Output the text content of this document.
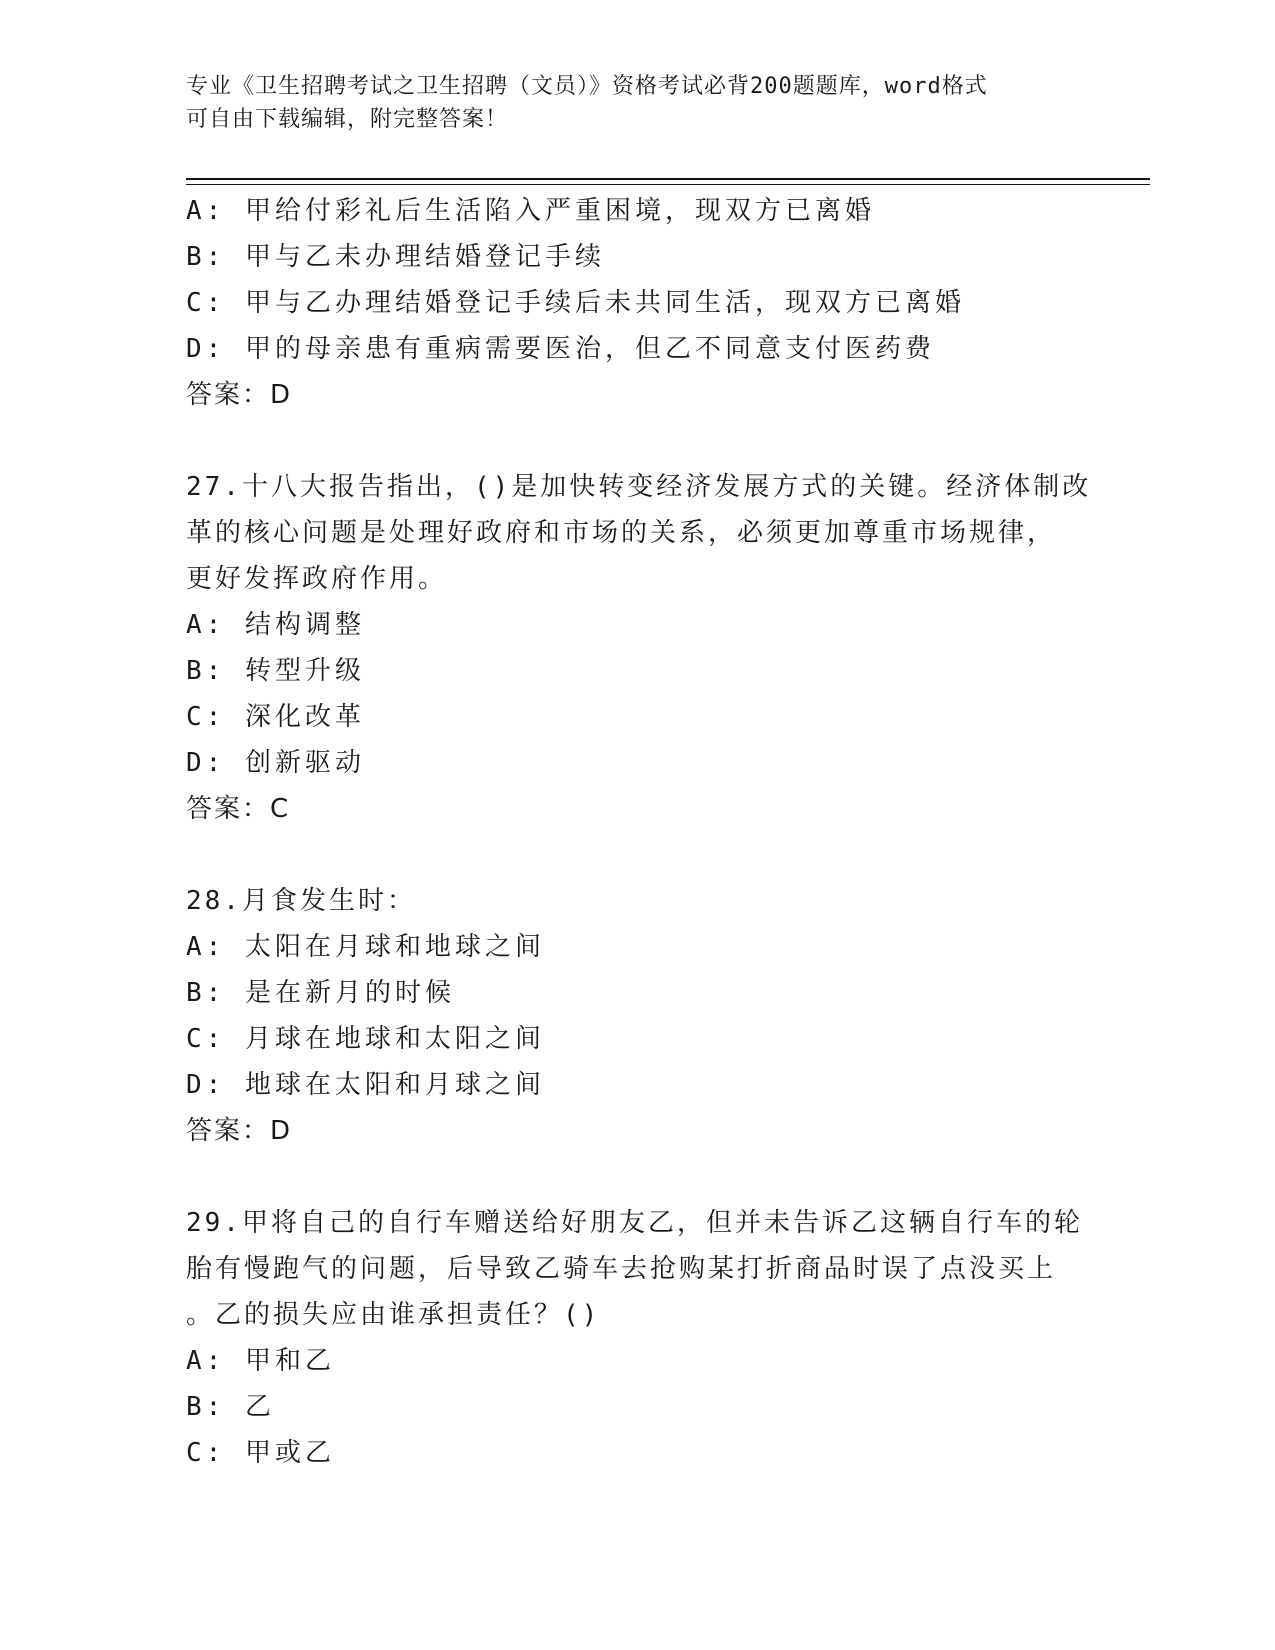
专业《卫生招聘考试之卫生招聘（文员）》资格考试必背200题题库，word格式
可自由下载编辑，附完整答案！
A: 甲给付彩礼后生活陷入严重困境，现双方已离婚
B: 甲与乙未办理结婚登记手续
C: 甲与乙办理结婚登记手续后未共同生活，现双方已离婚
D: 甲的母亲患有重病需要医治，但乙不同意支付医药费
答案：D
27.十八大报告指出，()是加快转变经济发展方式的关键。经济体制改
革的核心问题是处理好政府和市场的关系，必须更加尊重市场规律，
更好发挥政府作用。
A: 结构调整
B: 转型升级
C: 深化改革
D: 创新驱动
答案：C
28.月食发生时：
A: 太阳在月球和地球之间
B: 是在新月的时候
C: 月球在地球和太阳之间
D: 地球在太阳和月球之间
答案：D
29.甲将自己的自行车赠送给好朋友乙，但并未告诉乙这辆自行车的轮
胎有慢跑气的问题，后导致乙骑车去抢购某打折商品时误了点没买上
。乙的损失应由谁承担责任？()
A: 甲和乙
B: 乙
C: 甲或乙
